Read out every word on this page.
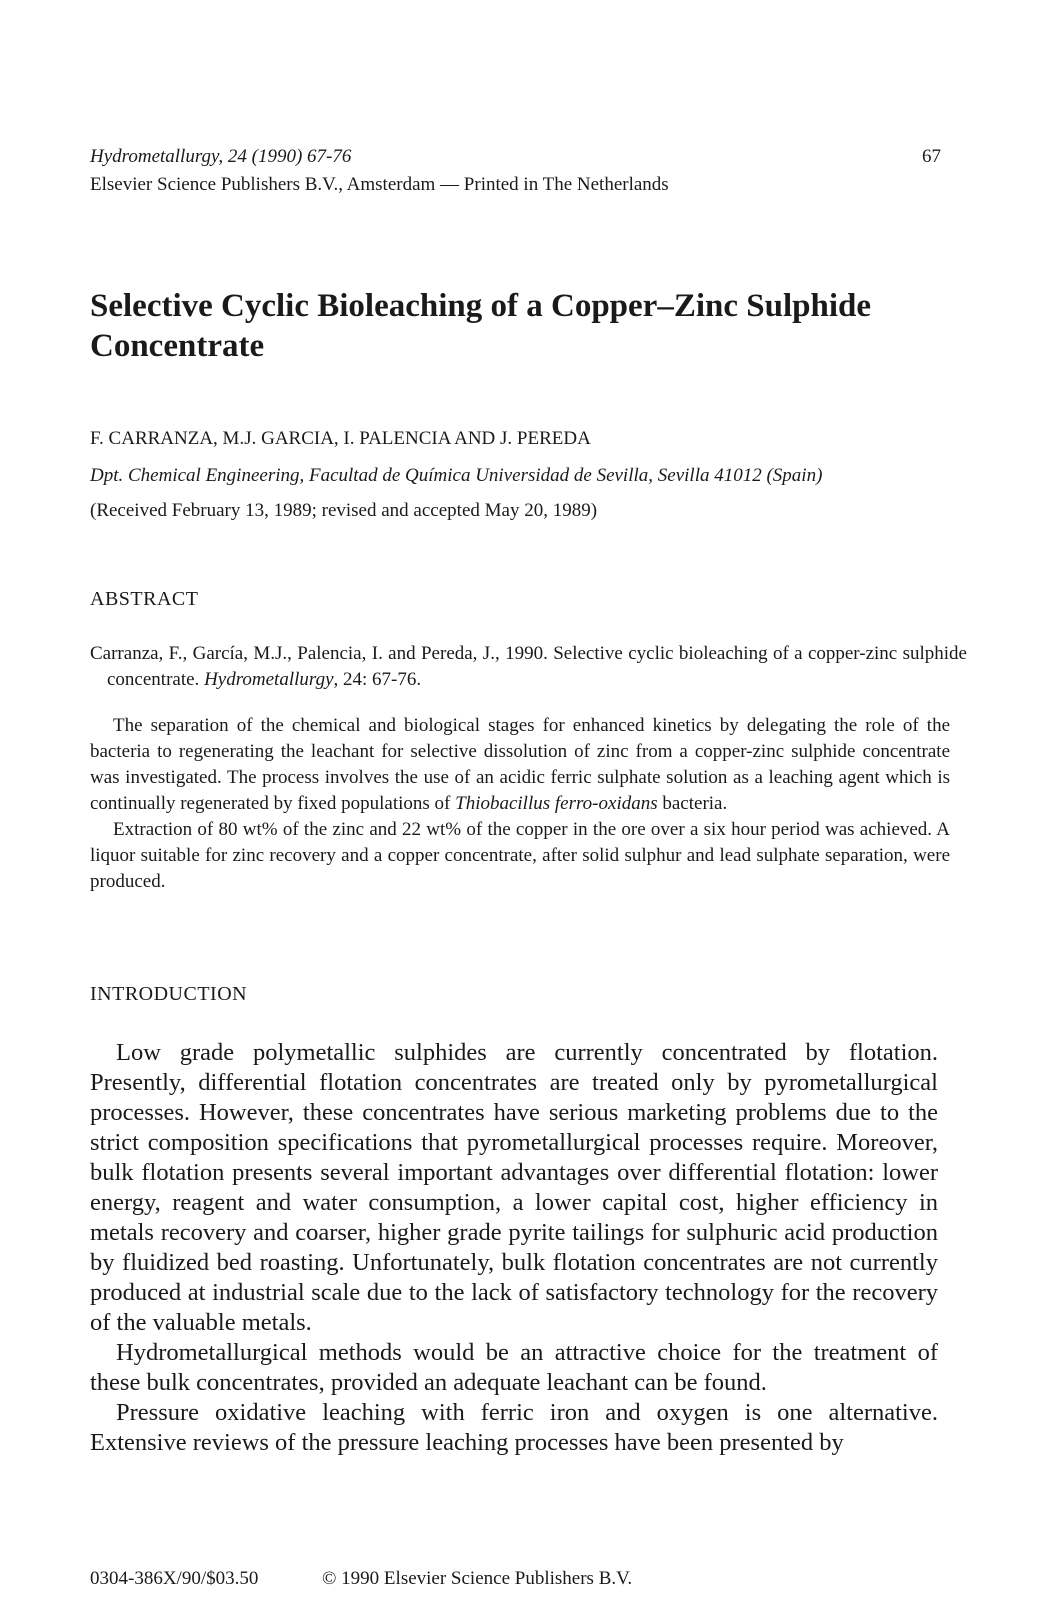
Hydrometallurgy, 24 (1990) 67-76	67
Elsevier Science Publishers B.V., Amsterdam — Printed in The Netherlands
Selective Cyclic Bioleaching of a Copper–Zinc Sulphide Concentrate
F. CARRANZA, M.J. GARCIA, I. PALENCIA AND J. PEREDA
Dpt. Chemical Engineering, Facultad de Química Universidad de Sevilla, Sevilla 41012 (Spain)
(Received February 13, 1989; revised and accepted May 20, 1989)
ABSTRACT
Carranza, F., García, M.J., Palencia, I. and Pereda, J., 1990. Selective cyclic bioleaching of a copper-zinc sulphide concentrate. Hydrometallurgy, 24: 67-76.

The separation of the chemical and biological stages for enhanced kinetics by delegating the role of the bacteria to regenerating the leachant for selective dissolution of zinc from a copper-zinc sulphide concentrate was investigated. The process involves the use of an acidic ferric sulphate solution as a leaching agent which is continually regenerated by fixed populations of Thiobacillus ferro-oxidans bacteria.

Extraction of 80 wt% of the zinc and 22 wt% of the copper in the ore over a six hour period was achieved. A liquor suitable for zinc recovery and a copper concentrate, after solid sulphur and lead sulphate separation, were produced.

INTRODUCTION

Low grade polymetallic sulphides are currently concentrated by flotation. Presently, differential flotation concentrates are treated only by pyrometallurgical processes. However, these concentrates have serious marketing problems due to the strict composition specifications that pyrometallurgical processes require. Moreover, bulk flotation presents several important advantages over differential flotation: lower energy, reagent and water consumption, a lower capital cost, higher efficiency in metals recovery and coarser, higher grade pyrite tailings for sulphuric acid production by fluidized bed roasting. Unfortunately, bulk flotation concentrates are not currently produced at industrial scale due to the lack of satisfactory technology for the recovery of the valuable metals.

Hydrometallurgical methods would be an attractive choice for the treatment of these bulk concentrates, provided an adequate leachant can be found.

Pressure oxidative leaching with ferric iron and oxygen is one alternative. Extensive reviews of the pressure leaching processes have been presented by

0304-386X/90/$03.50	© 1990 Elsevier Science Publishers B.V.
